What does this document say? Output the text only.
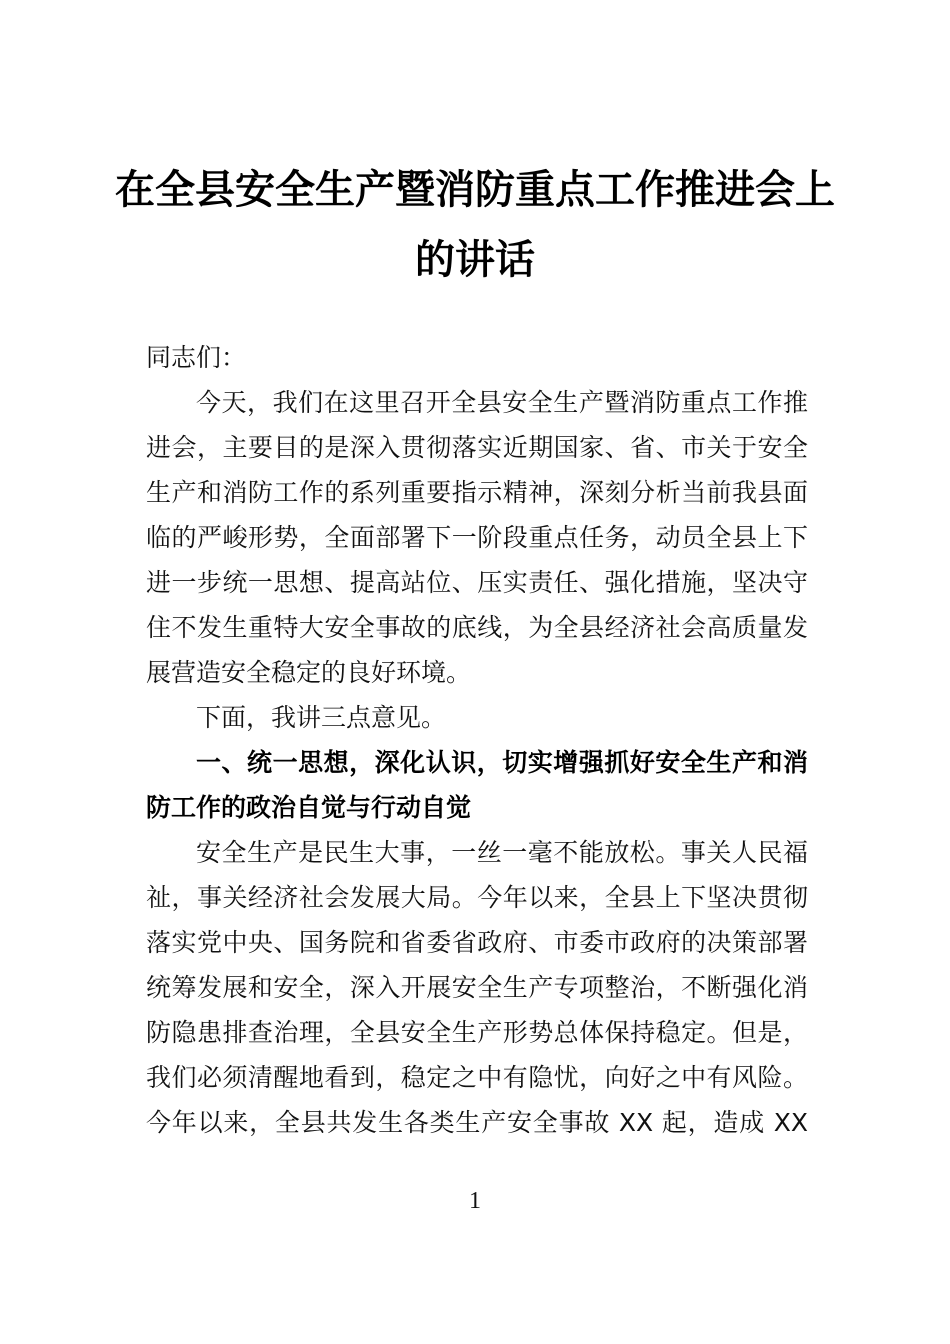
在全县安全生产暨消防重点工作推进会上
的讲话
同志们：
今天，我们在这里召开全县安全生产暨消防重点工作推
进会，主要目的是深入贯彻落实近期国家、省、市关于安全
生产和消防工作的系列重要指示精神，深刻分析当前我县面
临的严峻形势，全面部署下一阶段重点任务，动员全县上下
进一步统一思想、提高站位、压实责任、强化措施，坚决守
住不发生重特大安全事故的底线，为全县经济社会高质量发
展营造安全稳定的良好环境。
下面，我讲三点意见。
一、统一思想，深化认识，切实增强抓好安全生产和消
防工作的政治自觉与行动自觉
安全生产是民生大事，一丝一毫不能放松。事关人民福
祉，事关经济社会发展大局。今年以来，全县上下坚决贯彻
落实党中央、国务院和省委省政府、市委市政府的决策部署
统筹发展和安全，深入开展安全生产专项整治，不断强化消
防隐患排查治理，全县安全生产形势总体保持稳定。但是，
我们必须清醒地看到，稳定之中有隐忧，向好之中有风险。
今年以来，全县共发生各类生产安全事故 XX 起，造成 XX
1
